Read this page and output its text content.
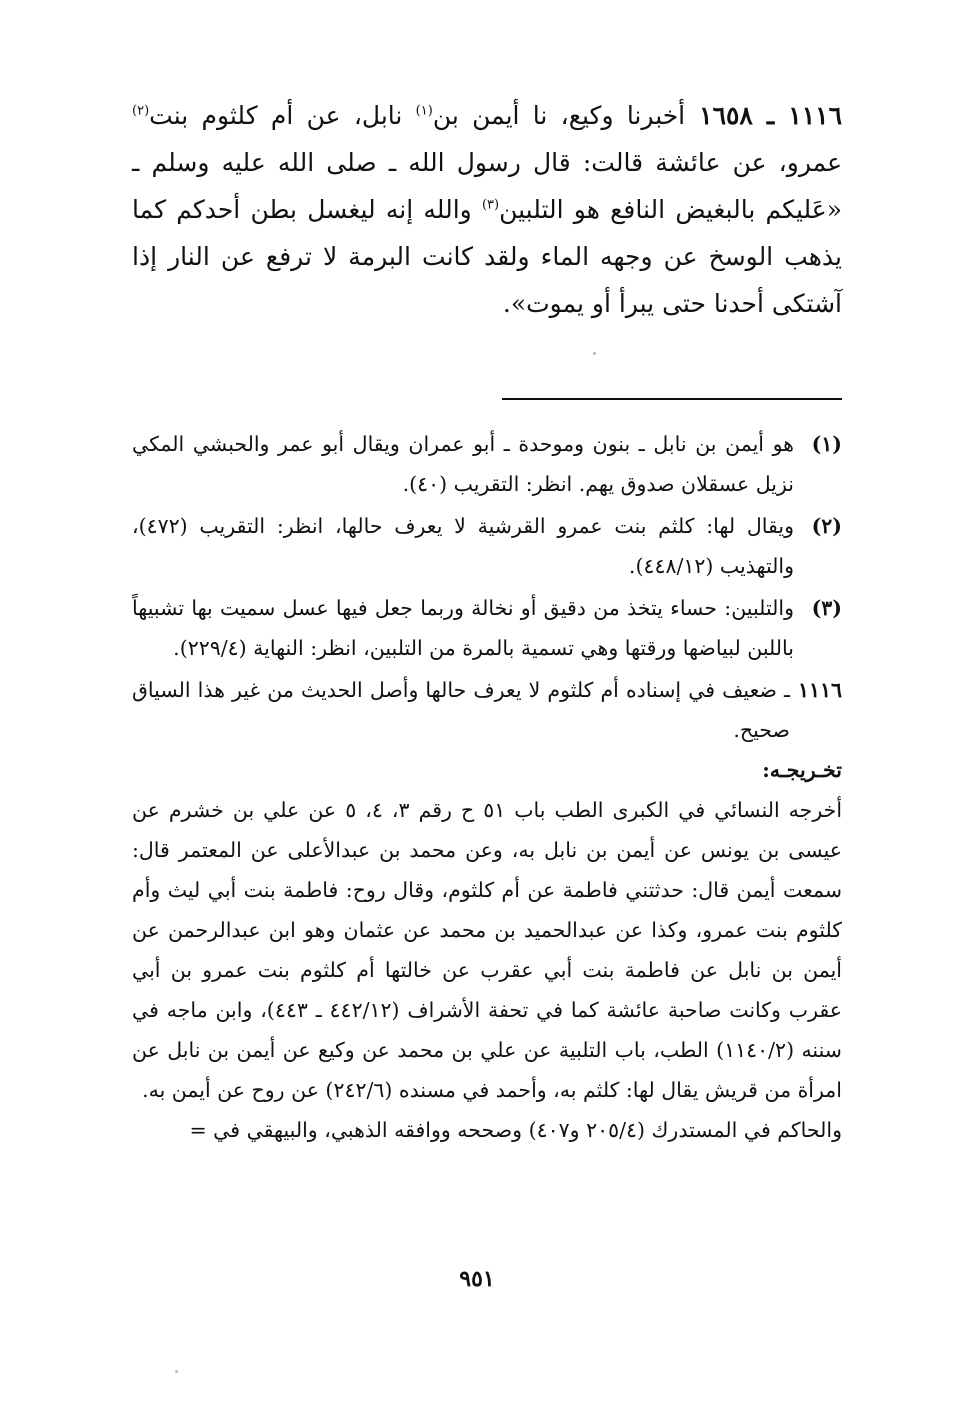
١١١٦ ـ ١٦٥٨أخبرنا وكيع، نا أيمن بن$^{(١)}$ نابل، عن أم كلثوم بنت$^{(٢)}$ عمرو، عن عائشة قالت: قال رسول الله ـ صلى الله عليه وسلم ـ «عَليكم بالبغيض النافع هو التلبين$^{(٣)}$ والله إنه ليغسل بطن أحدكم كما يذهب الوسخ عن وجهه الماء ولقد كانت البرمة لا ترفع عن النار إذا آشتكى أحدنا حتى يبرأ أو يموت».

(١)
هو أيمن بن نابل ـ بنون وموحدة ـ أبو عمران ويقال أبو عمر والحبشي المكي نزيل عسقلان صدوق يهم. انظر: التقريب (٤٠).
(٢)
ويقال لها: كلثم بنت عمرو القرشية لا يعرف حالها، انظر: التقريب (٤٧٢)، والتهذيب (٤٤٨/١٢).
(٣)
والتلبين: حساء يتخذ من دقيق أو نخالة وربما جعل فيها عسل سميت بها تشبيهاً باللبن لبياضها ورقتها وهي تسمية بالمرة من التلبين، انظر: النهاية (٢٢٩/٤).
١١١٦
ـ ضعيف في إسناده أم كلثوم لا يعرف حالها وأصل الحديث من غير هذا السياق صحيح.

تخـريجـه:

أخرجه النسائي في الكبرى الطب باب ٥١ ح رقم ٣، ٤، ٥ عن علي بن خشرم عن عيسى بن يونس عن أيمن بن نابل به، وعن محمد بن عبدالأعلى عن المعتمر قال: سمعت أيمن قال: حدثتني فاطمة عن أم كلثوم، وقال روح: فاطمة بنت أبي ليث وأم كلثوم بنت عمرو، وكذا عن عبدالحميد بن محمد عن عثمان وهو ابن عبدالرحمن عن أيمن بن نابل عن فاطمة بنت أبي عقرب عن خالتها أم كلثوم بنت عمرو بن أبي عقرب وكانت صاحبة عائشة كما في تحفة الأشراف (٤٤٢/١٢ ـ ٤٤٣)، وابن ماجه في سننه (١١٤٠/٢) الطب، باب التلبية عن علي بن محمد عن وكيع عن أيمن بن نابل عن امرأة من قريش يقال لها: كلثم به، وأحمد في مسنده (٢٤٢/٦) عن روح عن أيمن به.

والحاكم في المستدرك (٢٠٥/٤ و٤٠٧) وصححه ووافقه الذهبي، والبيهقي في =

٩٥١
